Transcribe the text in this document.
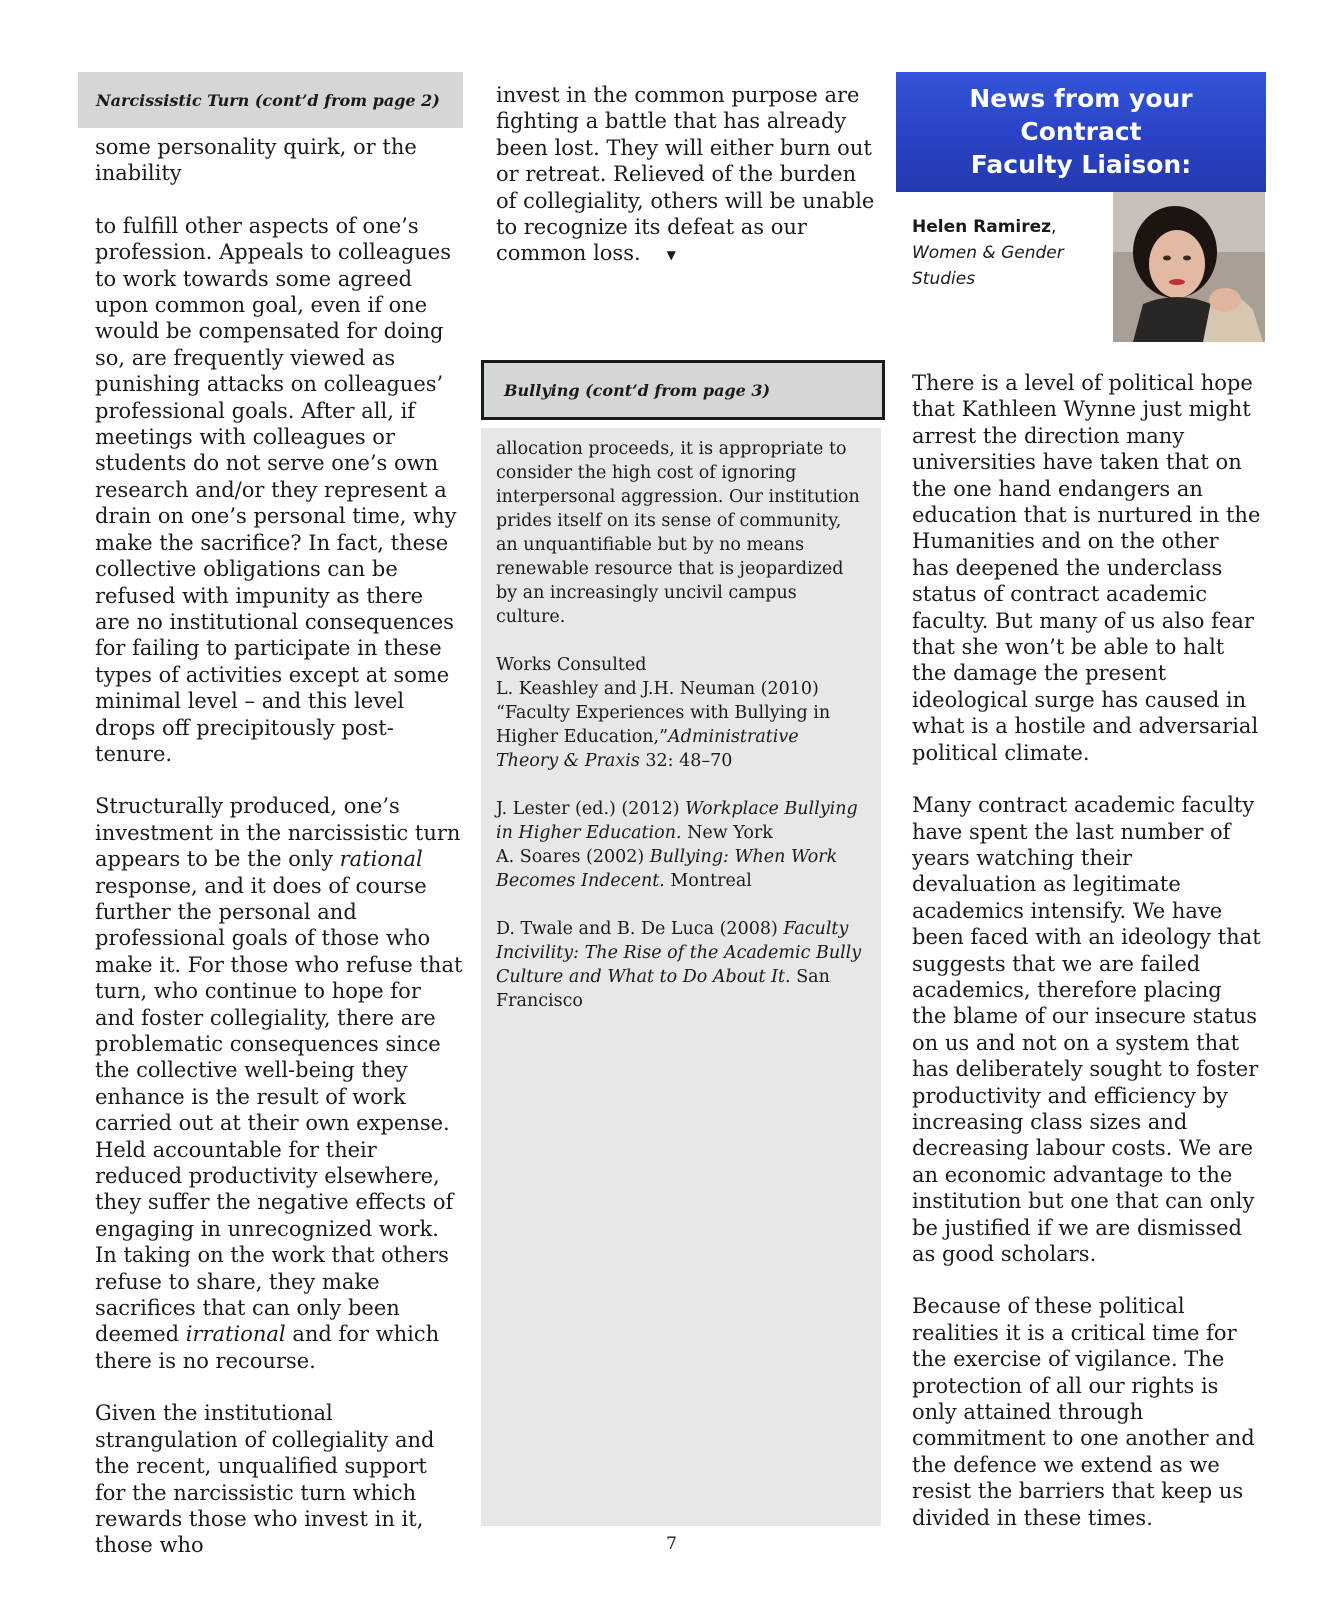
Narcissistic Turn (cont’d from page 2)

some personality quirk, or the inability

to fulfill other aspects of one’s profession. Appeals to colleagues to work towards some agreed upon common goal, even if one would be compensated for doing so, are frequently viewed as punishing attacks on colleagues’ professional goals. After all, if meetings with colleagues or students do not serve one’s own research and/or they represent a drain on one’s personal time, why make the sacrifice? In fact, these collective obligations can be refused with impunity as there are no institutional consequences for failing to participate in these types of activities except at some minimal level – and this level drops off precipitously post-tenure.

Structurally produced, one’s investment in the narcissistic turn appears to be the only rational response, and it does of course further the personal and professional goals of those who make it. For those who refuse that turn, who continue to hope for and foster collegiality, there are problematic consequences since the collective well-being they enhance is the result of work carried out at their own expense. Held accountable for their reduced productivity elsewhere, they suffer the negative effects of engaging in unrecognized work. In taking on the work that others refuse to share, they make sacrifices that can only been deemed irrational and for which there is no recourse.

Given the institutional strangulation of collegiality and the recent, unqualified support for the narcissistic turn which rewards those who invest in it, those who

invest in the common purpose are fighting a battle that has already been lost. They will either burn out or retreat. Relieved of the burden of collegiality, others will be unable to recognize its defeat as our common loss. ▼
Bullying (cont’d from page 3)

allocation proceeds, it is appropriate to consider the high cost of ignoring interpersonal aggression. Our institution prides itself on its sense of community, an unquantifiable but by no means renewable resource that is jeopardized by an increasingly uncivil campus culture.

Works Consulted
L. Keashley and J.H. Neuman (2010) “Faculty Experiences with Bullying in Higher Education,”Administrative Theory & Praxis 32: 48–70
J. Lester (ed.) (2012) Workplace Bullying in Higher Education. New York
A. Soares (2002) Bullying: When Work Becomes Indecent. Montreal
D. Twale and B. De Luca (2008) Faculty Incivility: The Rise of the Academic Bully Culture and What to Do About It. San Francisco
News from your
Contract
Faculty Liaison:
Helen Ramirez,
Women & Gender Studies

There is a level of political hope that Kathleen Wynne just might arrest the direction many universities have taken that on the one hand endangers an education that is nurtured in the Humanities and on the other has deepened the underclass status of contract academic faculty. But many of us also fear that she won’t be able to halt the damage the present ideological surge has caused in what is a hostile and adversarial political climate.

Many contract academic faculty have spent the last number of years watching their devaluation as legitimate academics intensify. We have been faced with an ideology that suggests that we are failed academics, therefore placing the blame of our insecure status on us and not on a system that has deliberately sought to foster productivity and efficiency by increasing class sizes and decreasing labour costs. We are an economic advantage to the institution but one that can only be justified if we are dismissed as good scholars.

Because of these political realities it is a critical time for the exercise of vigilance. The protection of all our rights is only attained through commitment to one another and the defence we extend as we resist the barriers that keep us divided in these times.

7
